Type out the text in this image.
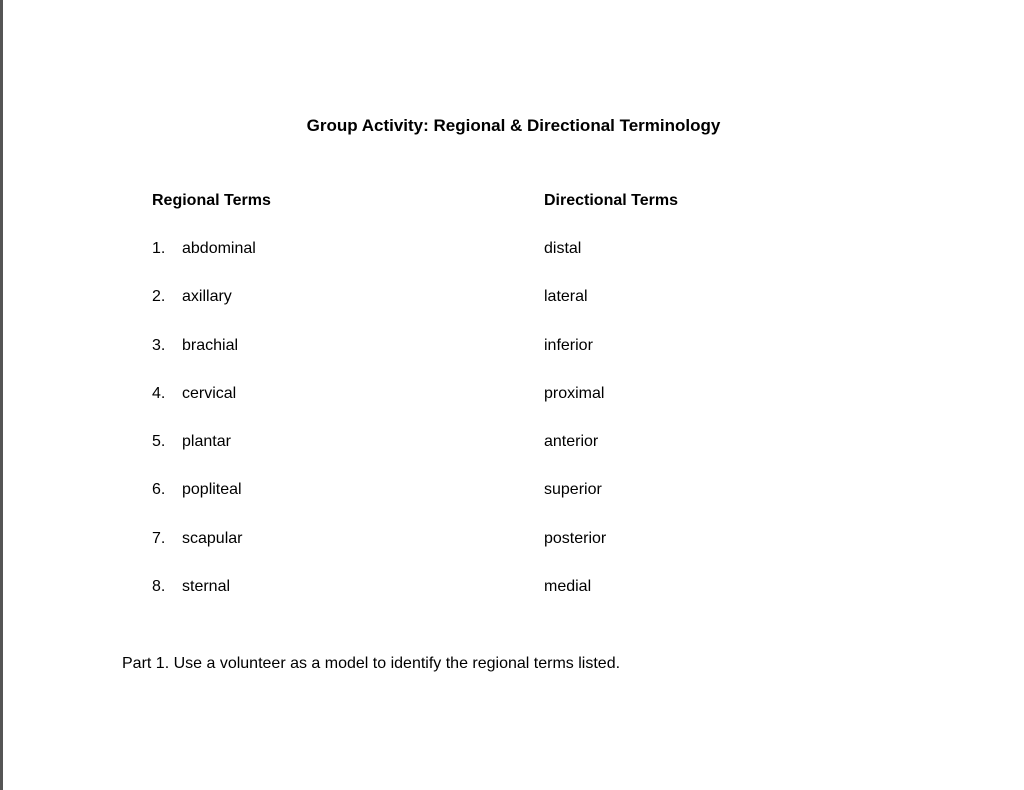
Group Activity: Regional & Directional Terminology
Regional Terms	Directional Terms
1. abdominal
2. axillary
3. brachial
4. cervical
5. plantar
6. popliteal
7. scapular
8. sternal
distal
lateral
inferior
proximal
anterior
superior
posterior
medial
Part 1. Use a volunteer as a model to identify the regional terms listed.
